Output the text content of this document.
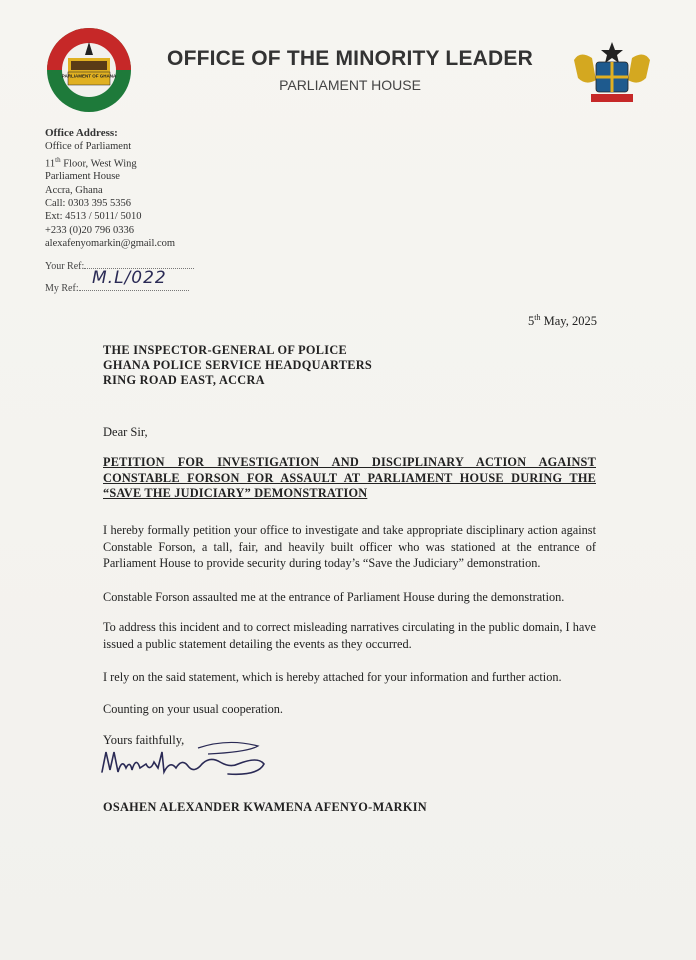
PARLIAMENT OF GHANA
OFFICE OF THE MINORITY LEADER
PARLIAMENT HOUSE
Office Address:
Office of Parliament
11th Floor, West Wing
Parliament House
Accra, Ghana
Call: 0303 395 5356
Ext: 4513 / 5011/ 5010
+233 (0)20 796 0336
alexafenyomarkin@gmail.com
Your Ref:
My Ref:
M.L/022
5th May, 2025
THE INSPECTOR-GENERAL OF POLICE
GHANA POLICE SERVICE HEADQUARTERS
RING ROAD EAST, ACCRA
Dear Sir,
PETITION FOR INVESTIGATION AND DISCIPLINARY ACTION AGAINST CONSTABLE FORSON FOR ASSAULT AT PARLIAMENT HOUSE DURING THE “SAVE THE JUDICIARY” DEMONSTRATION
I hereby formally petition your office to investigate and take appropriate disciplinary action against Constable Forson, a tall, fair, and heavily built officer who was stationed at the entrance of Parliament House to provide security during today’s “Save the Judiciary” demonstration.
Constable Forson assaulted me at the entrance of Parliament House during the demonstration.
To address this incident and to correct misleading narratives circulating in the public domain, I have issued a public statement detailing the events as they occurred.
I rely on the said statement, which is hereby attached for your information and further action.
Counting on your usual cooperation.
Yours faithfully,
OSAHEN ALEXANDER KWAMENA AFENYO-MARKIN
